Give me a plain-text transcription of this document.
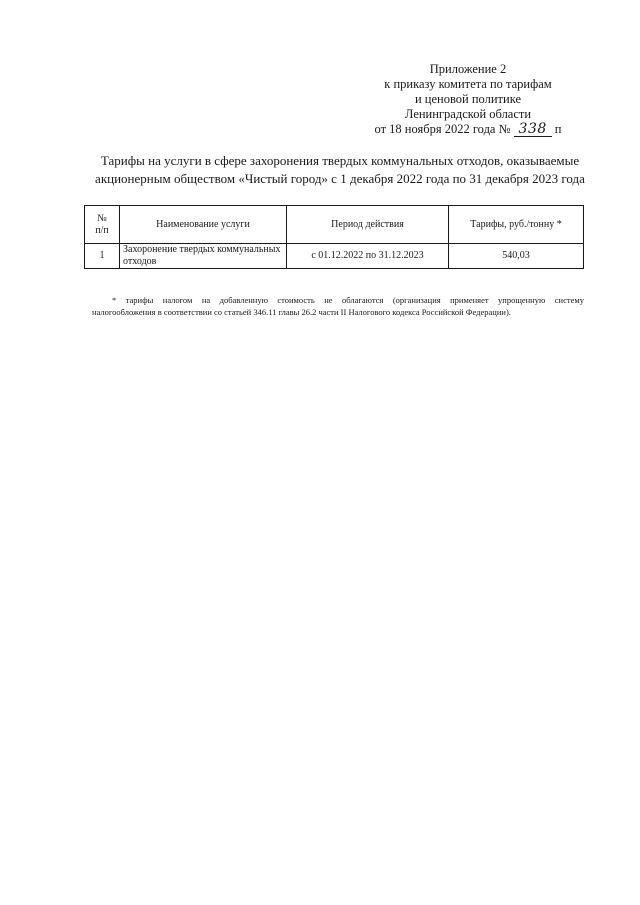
Приложение 2
к приказу комитета по тарифам
и ценовой политике
Ленинградской области
от 18 ноября 2022 года № 338 п
Тарифы на услуги в сфере захоронения твердых коммунальных отходов, оказываемые
акционерным обществом «Чистый город» с 1 декабря 2022 года по 31 декабря 2023 года
№
п/п	Наименование услуги	Период действия	Тарифы, руб./тонну *
1	Захоронение твердых коммунальных отходов	с 01.12.2022 по 31.12.2023	540,03
* тарифы налогом на добавленную стоимость не облагаются (организация применяет упрощенную систему
налогообложения в соответствии со статьей 346.11 главы 26.2 части II Налогового кодекса Российской Федерации).
